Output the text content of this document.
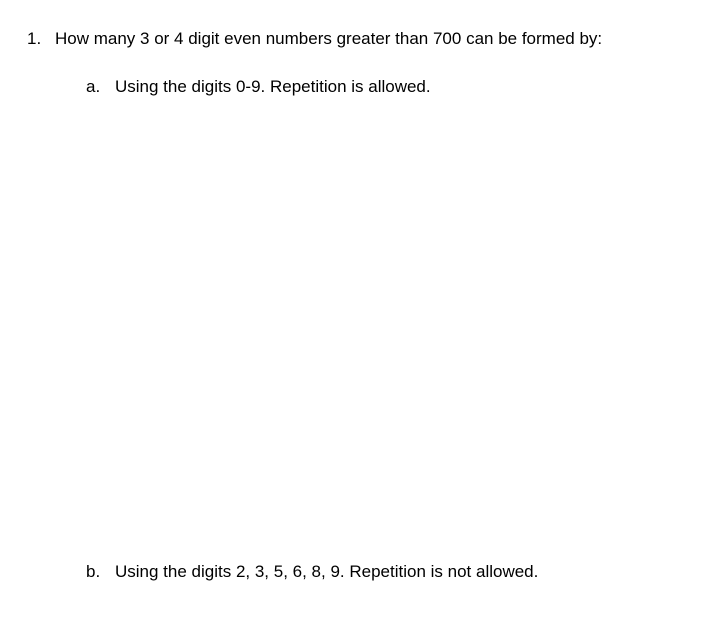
1. How many 3 or 4 digit even numbers greater than 700 can be formed by:
a. Using the digits 0-9. Repetition is allowed.
b. Using the digits 2, 3, 5, 6, 8, 9. Repetition is not allowed.
